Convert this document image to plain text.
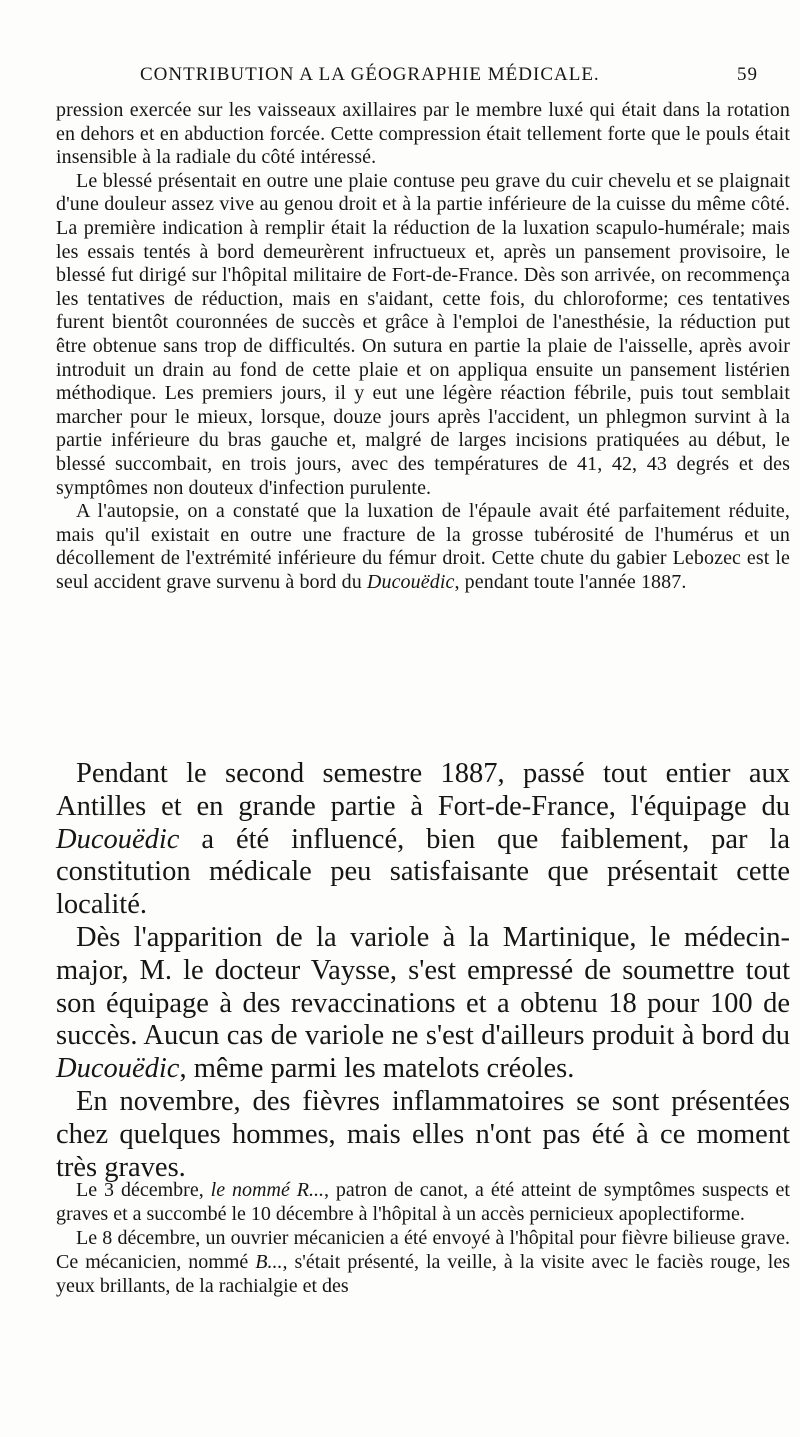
CONTRIBUTION A LA GÉOGRAPHIE MÉDICALE.	59

pression exercée sur les vaisseaux axillaires par le membre luxé qui était dans la rotation en dehors et en abduction forcée. Cette compression était tellement forte que le pouls était insensible à la radiale du côté intéressé.

Le blessé présentait en outre une plaie contuse peu grave du cuir chevelu et se plaignait d'une douleur assez vive au genou droit et à la partie inférieure de la cuisse du même côté. La première indication à remplir était la réduction de la luxation scapulo-humérale; mais les essais tentés à bord demeurèrent infructueux et, après un pansement provisoire, le blessé fut dirigé sur l'hôpital militaire de Fort-de-France. Dès son arrivée, on recommença les tentatives de réduction, mais en s'aidant, cette fois, du chloroforme; ces tentatives furent bientôt couronnées de succès et grâce à l'emploi de l'anesthésie, la réduction put être obtenue sans trop de difficultés. On sutura en partie la plaie de l'aisselle, après avoir introduit un drain au fond de cette plaie et on appliqua ensuite un pansement listérien méthodique. Les premiers jours, il y eut une légère réaction fébrile, puis tout semblait marcher pour le mieux, lorsque, douze jours après l'accident, un phlegmon survint à la partie inférieure du bras gauche et, malgré de larges incisions pratiquées au début, le blessé succombait, en trois jours, avec des températures de 41, 42, 43 degrés et des symptômes non douteux d'infection purulente.

A l'autopsie, on a constaté que la luxation de l'épaule avait été parfaitement réduite, mais qu'il existait en outre une fracture de la grosse tubérosité de l'humérus et un décollement de l'extrémité inférieure du fémur droit. Cette chute du gabier Lebozec est le seul accident grave survenu à bord du Ducouëdic, pendant toute l'année 1887.

Pendant le second semestre 1887, passé tout entier aux Antilles et en grande partie à Fort-de-France, l'équipage du Ducouëdic a été influencé, bien que faiblement, par la constitution médicale peu satisfaisante que présentait cette localité.

Dès l'apparition de la variole à la Martinique, le médecin-major, M. le docteur Vaysse, s'est empressé de soumettre tout son équipage à des revaccinations et a obtenu 18 pour 100 de succès. Aucun cas de variole ne s'est d'ailleurs produit à bord du Ducouëdic, même parmi les matelots créoles.

En novembre, des fièvres inflammatoires se sont présentées chez quelques hommes, mais elles n'ont pas été à ce moment très graves.

Le 3 décembre, le nommé R..., patron de canot, a été atteint de symptômes suspects et graves et a succombé le 10 décembre à l'hôpital à un accès pernicieux apoplectiforme.

Le 8 décembre, un ouvrier mécanicien a été envoyé à l'hôpital pour fièvre bilieuse grave. Ce mécanicien, nommé B..., s'était présenté, la veille, à la visite avec le faciès rouge, les yeux brillants, de la rachialgie et des
